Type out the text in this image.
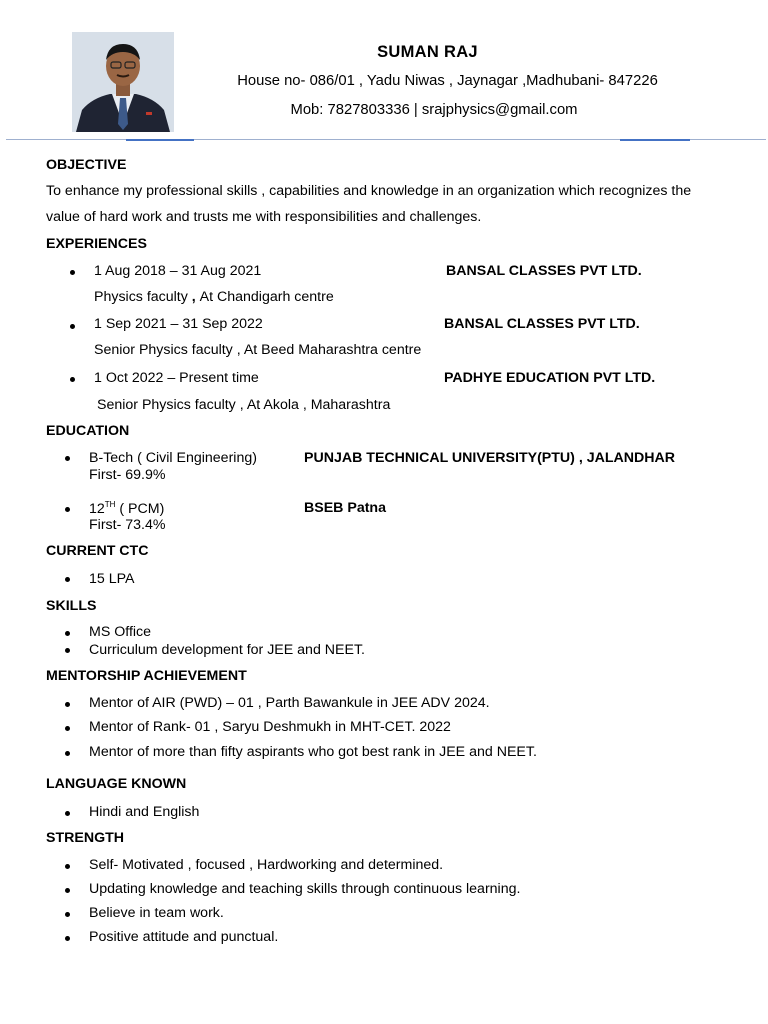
SUMAN RAJ
House no- 086/01 , Yadu Niwas , Jaynagar ,Madhubani- 847226
Mob: 7827803336 | srajphysics@gmail.com
OBJECTIVE
To enhance my professional skills , capabilities and knowledge in an organization which recognizes the
value of hard work and trusts me with responsibilities and challenges.
EXPERIENCES
1 Aug 2018 – 31 Aug 2021	BANSAL CLASSES PVT LTD.
Physics faculty , At Chandigarh centre
1 Sep 2021 – 31 Sep 2022	BANSAL CLASSES PVT LTD.
Senior Physics faculty , At Beed Maharashtra centre
1 Oct 2022 – Present time	PADHYE EDUCATION PVT LTD.
Senior Physics faculty , At Akola , Maharashtra
EDUCATION
B-Tech ( Civil Engineering)	PUNJAB TECHNICAL UNIVERSITY(PTU) , JALANDHAR
First- 69.9%
12TH ( PCM)	BSEB Patna
First- 73.4%
CURRENT CTC
15 LPA
SKILLS
MS Office
Curriculum development for JEE and NEET.
MENTORSHIP ACHIEVEMENT
Mentor of AIR (PWD) – 01 , Parth Bawankule in JEE ADV 2024.
Mentor of Rank- 01 , Saryu Deshmukh in MHT-CET. 2022
Mentor of more than fifty aspirants who got best rank in JEE and NEET.
LANGUAGE KNOWN
Hindi and English
STRENGTH
Self- Motivated , focused , Hardworking and determined.
Updating knowledge and teaching skills through continuous learning.
Believe in team work.
Positive attitude and punctual.
